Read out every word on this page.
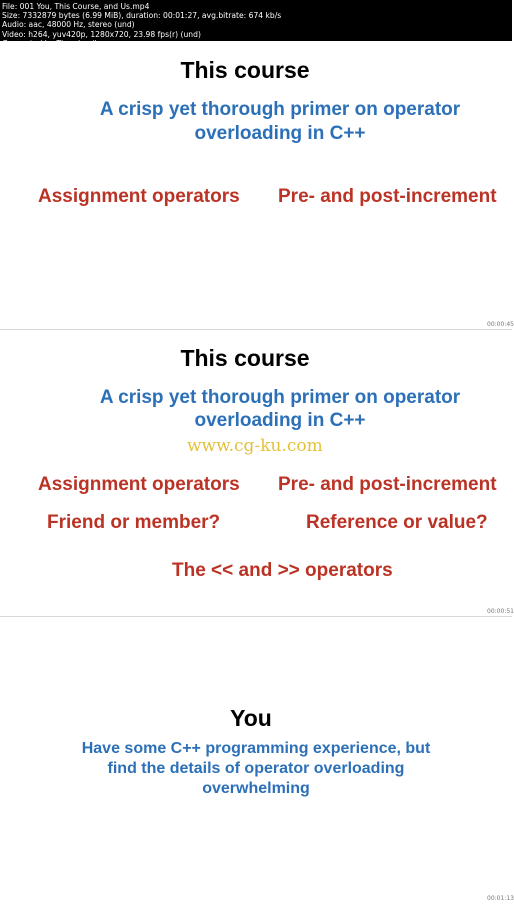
File: 001 You, This Course, and Us.mp4
Size: 7332879 bytes (6.99 MiB), duration: 00:01:27, avg.bitrate: 674 kb/s
Audio: aac, 48000 Hz, stereo (und)
Video: h264, yuv420p, 1280x720, 23.98 fps(r) (und)
This course
A crisp yet thorough primer on operator
overloading in C++
Assignment operators Pre- and post-increment
00:00:45
This course
A crisp yet thorough primer on operator
overloading in C++
www.cg-ku.com
Assignment operators Pre- and post-increment
Friend or member?	Reference or value?
The << and >> operators
00:00:51
You
Have some C++ programming experience, but
find the details of operator overloading
overwhelming
00:01:13
